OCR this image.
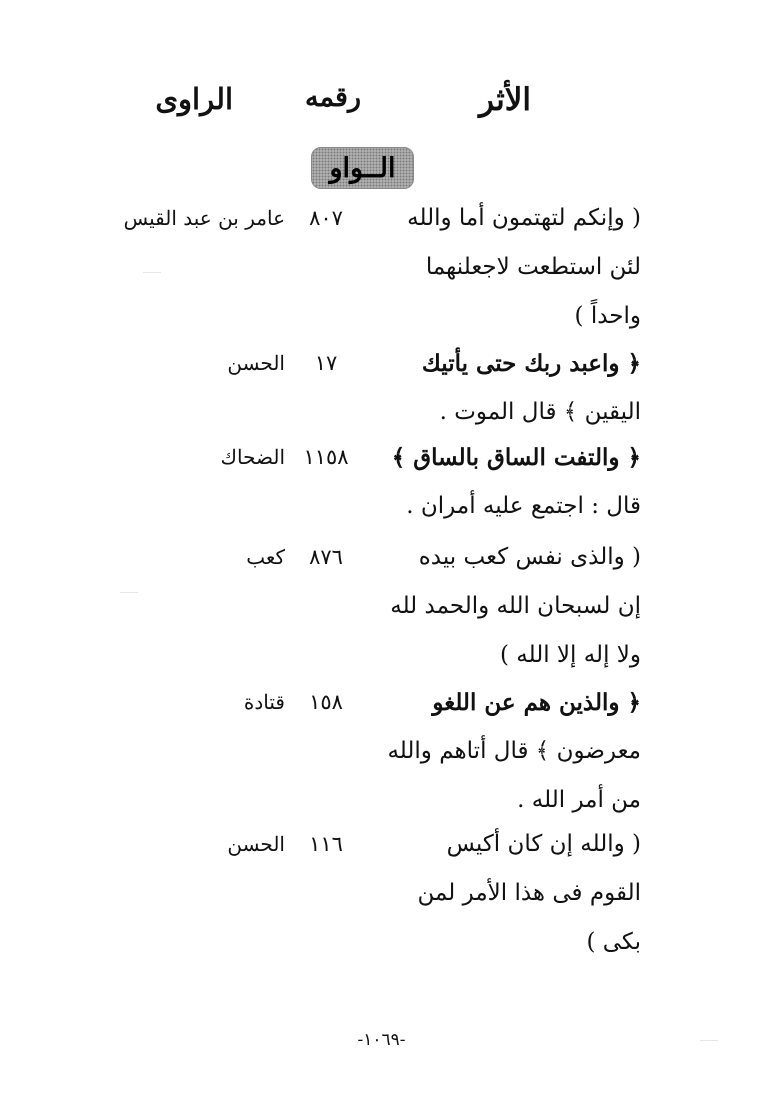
الأثر
رقمه
الراوى
الــواو
( وإنكم لتهتمون أما والله
لئن استطعت لاجعلنهما
واحداً )
٨٠٧
عامر بن عبد القيس
﴿ واعبد ربك حتى يأتيك
اليقين ﴾ قال الموت .
١٧
الحسن
﴿ والتفت الساق بالساق ﴾
قال : اجتمع عليه أمران .
١١٥٨
الضحاك
( والذى نفس كعب بيده
إن لسبحان الله والحمد لله
ولا إله إلا الله )
٨٧٦
كعب
﴿ والذين هم عن اللغو
معرضون ﴾ قال أتاهم والله
من أمر الله .
١٥٨
قتادة
( والله إن كان أكيس
القوم فى هذا الأمر لمن
بكى )
١١٦
الحسن
-١٠٦٩-
